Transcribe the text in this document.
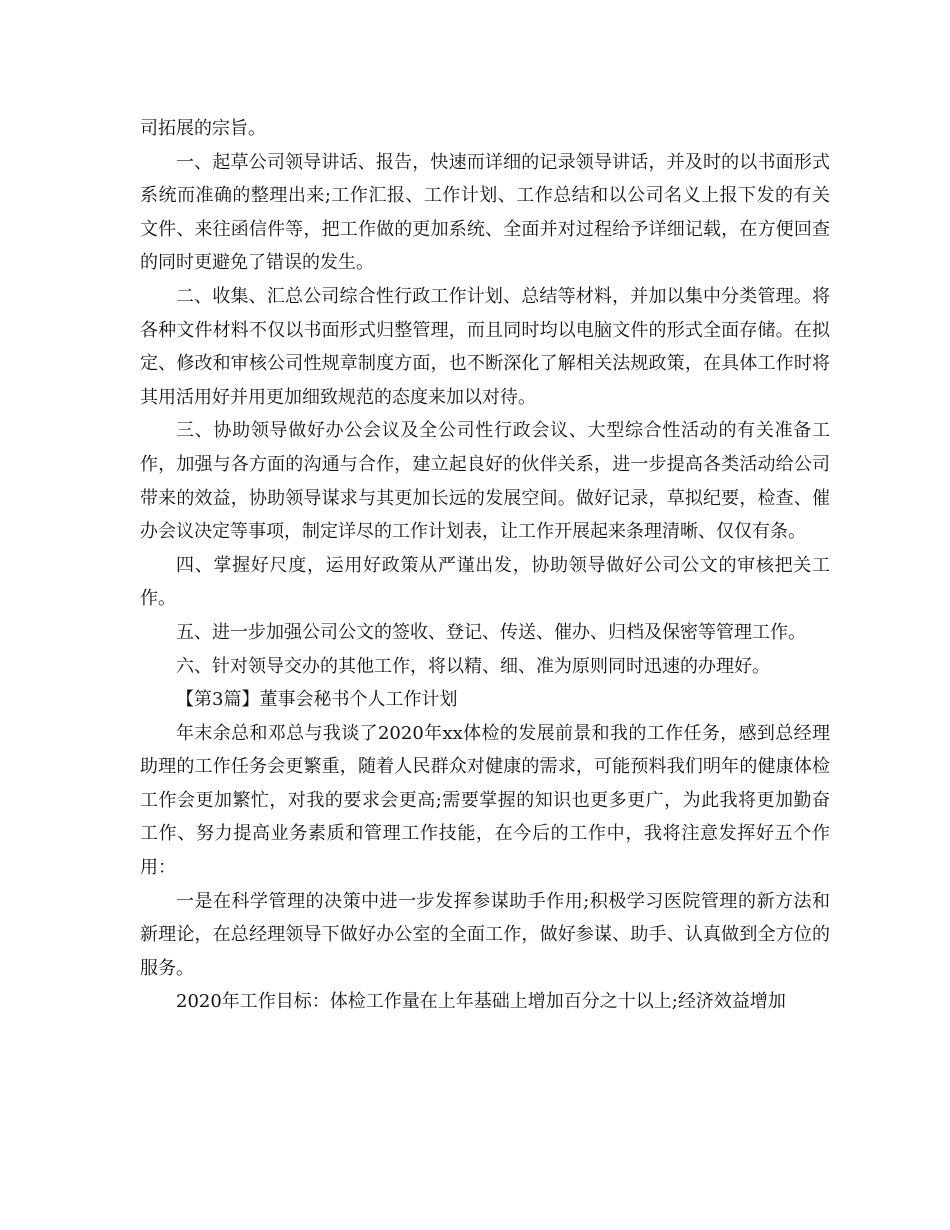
司拓展的宗旨。

一、起草公司领导讲话、报告，快速而详细的记录领导讲话，并及时的以书面形式系统而准确的整理出来;工作汇报、工作计划、工作总结和以公司名义上报下发的有关文件、来往函信件等，把工作做的更加系统、全面并对过程给予详细记载，在方便回查的同时更避免了错误的发生。

二、收集、汇总公司综合性行政工作计划、总结等材料，并加以集中分类管理。将各种文件材料不仅以书面形式归整管理，而且同时均以电脑文件的形式全面存储。在拟定、修改和审核公司性规章制度方面，也不断深化了解相关法规政策，在具体工作时将其用活用好并用更加细致规范的态度来加以对待。

三、协助领导做好办公会议及全公司性行政会议、大型综合性活动的有关准备工作，加强与各方面的沟通与合作，建立起良好的伙伴关系，进一步提高各类活动给公司带来的效益，协助领导谋求与其更加长远的发展空间。做好记录，草拟纪要，检查、催办会议决定等事项，制定详尽的工作计划表，让工作开展起来条理清晰、仅仅有条。

四、掌握好尺度，运用好政策从严谨出发，协助领导做好公司公文的审核把关工作。

五、进一步加强公司公文的签收、登记、传送、催办、归档及保密等管理工作。

六、针对领导交办的其他工作，将以精、细、准为原则同时迅速的办理好。

【第3篇】董事会秘书个人工作计划

年末余总和邓总与我谈了2020年xx体检的发展前景和我的工作任务，感到总经理助理的工作任务会更繁重，随着人民群众对健康的需求，可能预料我们明年的健康体检工作会更加繁忙，对我的要求会更高;需要掌握的知识也更多更广，为此我将更加勤奋工作、努力提高业务素质和管理工作技能，在今后的工作中，我将注意发挥好五个作用：

一是在科学管理的决策中进一步发挥参谋助手作用;积极学习医院管理的新方法和新理论，在总经理领导下做好办公室的全面工作，做好参谋、助手、认真做到全方位的服务。

2020年工作目标：体检工作量在上年基础上增加百分之十以上;经济效益增加
